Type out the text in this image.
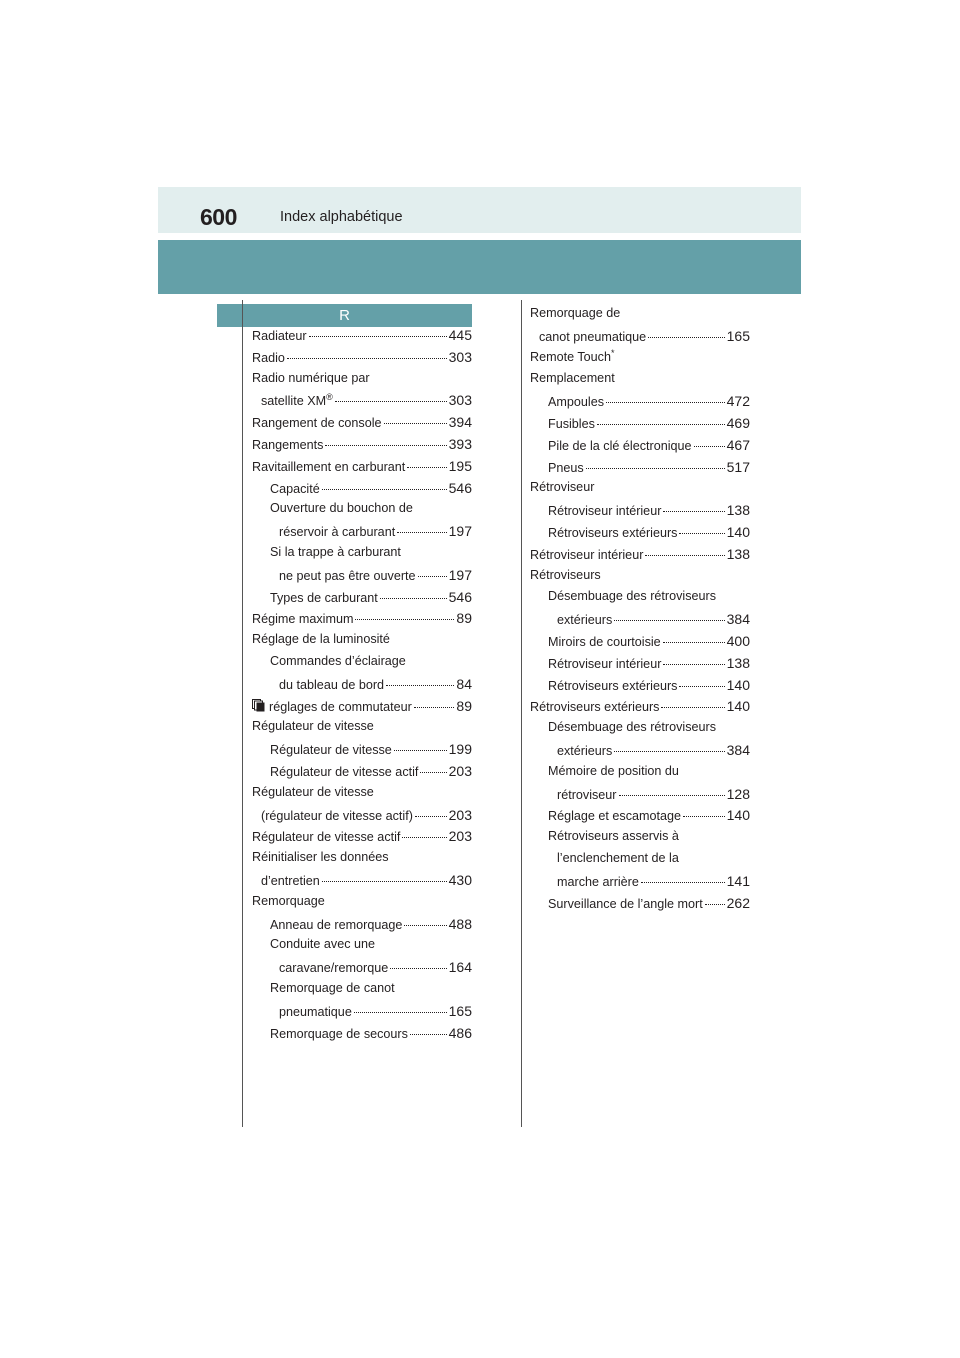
600	Index alphabétique
R
Radiateur	445
Radio	303
Radio numérique par
satellite XM®	303
Rangement de console	394
Rangements	393
Ravitaillement en carburant	195
Capacité	546
Ouverture du bouchon de
réservoir à carburant	197
Si la trappe à carburant
ne peut pas être ouverte 197
Types de carburant	546
Régime maximum	89
Réglage de la luminosité
Commandes d’éclairage
du tableau de bord	84
réglages de commutateur	89
Régulateur de vitesse
Régulateur de vitesse	199
Régulateur de vitesse actif 203
Régulateur de vitesse
(régulateur de vitesse actif)	203
Régulateur de vitesse actif	203
Réinitialiser les données
d’entretien	430
Remorquage
Anneau de remorquage	488
Conduite avec une
caravane/remorque	164
Remorquage de canot
pneumatique	165
Remorquage de secours	486
Remorquage de
canot pneumatique	165
Remote Touch*
Remplacement
Ampoules	472
Fusibles	469
Pile de la clé électronique	467
Pneus	517
Rétroviseur
Rétroviseur intérieur	138
Rétroviseurs extérieurs	140
Rétroviseur intérieur	138
Rétroviseurs
Désembuage des rétroviseurs
extérieurs	384
Miroirs de courtoisie	400
Rétroviseur intérieur	138
Rétroviseurs extérieurs	140
Rétroviseurs extérieurs	140
Désembuage des rétroviseurs
extérieurs	384
Mémoire de position du
rétroviseur	128
Réglage et escamotage	140
Rétroviseurs asservis à
l’enclenchement de la
marche arrière	141
Surveillance de l’angle mort 262
